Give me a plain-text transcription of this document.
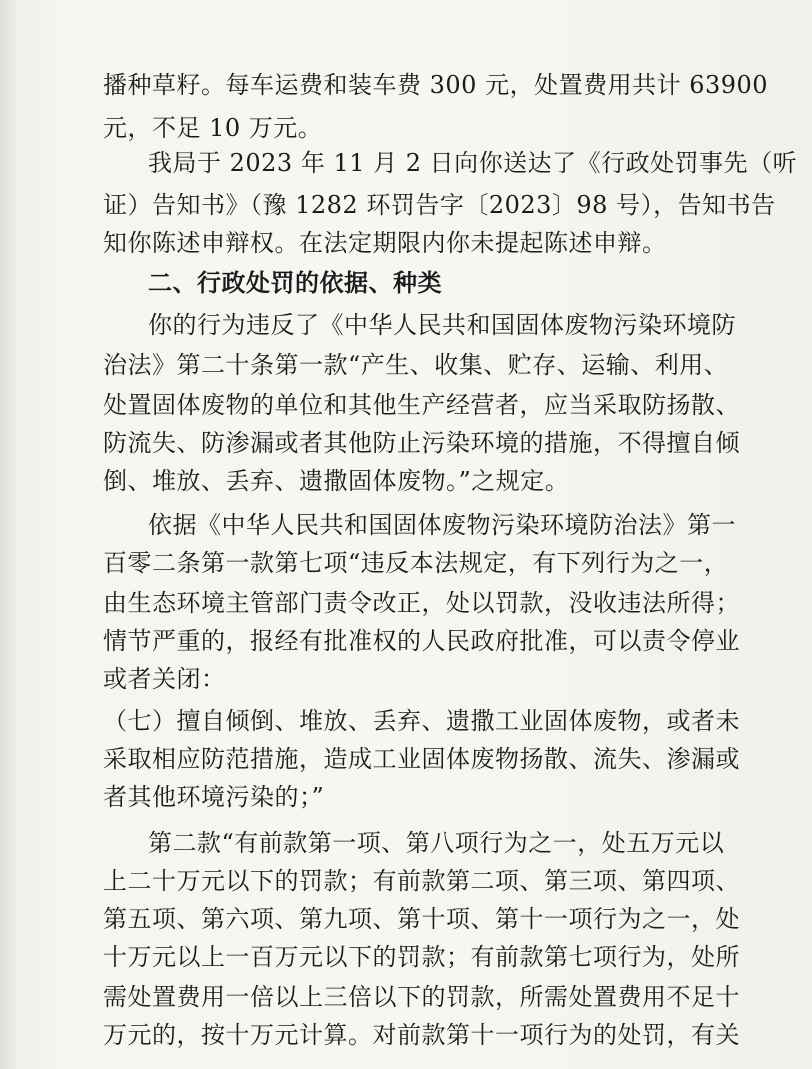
播种草籽。每车运费和装车费 300 元，处置费用共计 63900
元，不足 10 万元。
我局于 2023 年 11 月 2 日向你送达了《行政处罚事先（听
证）告知书》（豫 1282 环罚告字〔2023〕98 号），告知书告
知你陈述申辩权。在法定期限内你未提起陈述申辩。
二、行政处罚的依据、种类
你的行为违反了《中华人民共和国固体废物污染环境防
治法》第二十条第一款“产生、收集、贮存、运输、利用、
处置固体废物的单位和其他生产经营者，应当采取防扬散、
防流失、防渗漏或者其他防止污染环境的措施，不得擅自倾
倒、堆放、丢弃、遗撒固体废物。”之规定。
依据《中华人民共和国固体废物污染环境防治法》第一
百零二条第一款第七项“违反本法规定，有下列行为之一，
由生态环境主管部门责令改正，处以罚款，没收违法所得；
情节严重的，报经有批准权的人民政府批准，可以责令停业
或者关闭：
（七）擅自倾倒、堆放、丢弃、遗撒工业固体废物，或者未
采取相应防范措施，造成工业固体废物扬散、流失、渗漏或
者其他环境污染的；”
第二款“有前款第一项、第八项行为之一，处五万元以
上二十万元以下的罚款；有前款第二项、第三项、第四项、
第五项、第六项、第九项、第十项、第十一项行为之一，处
十万元以上一百万元以下的罚款；有前款第七项行为，处所
需处置费用一倍以上三倍以下的罚款，所需处置费用不足十
万元的，按十万元计算。对前款第十一项行为的处罚，有关
